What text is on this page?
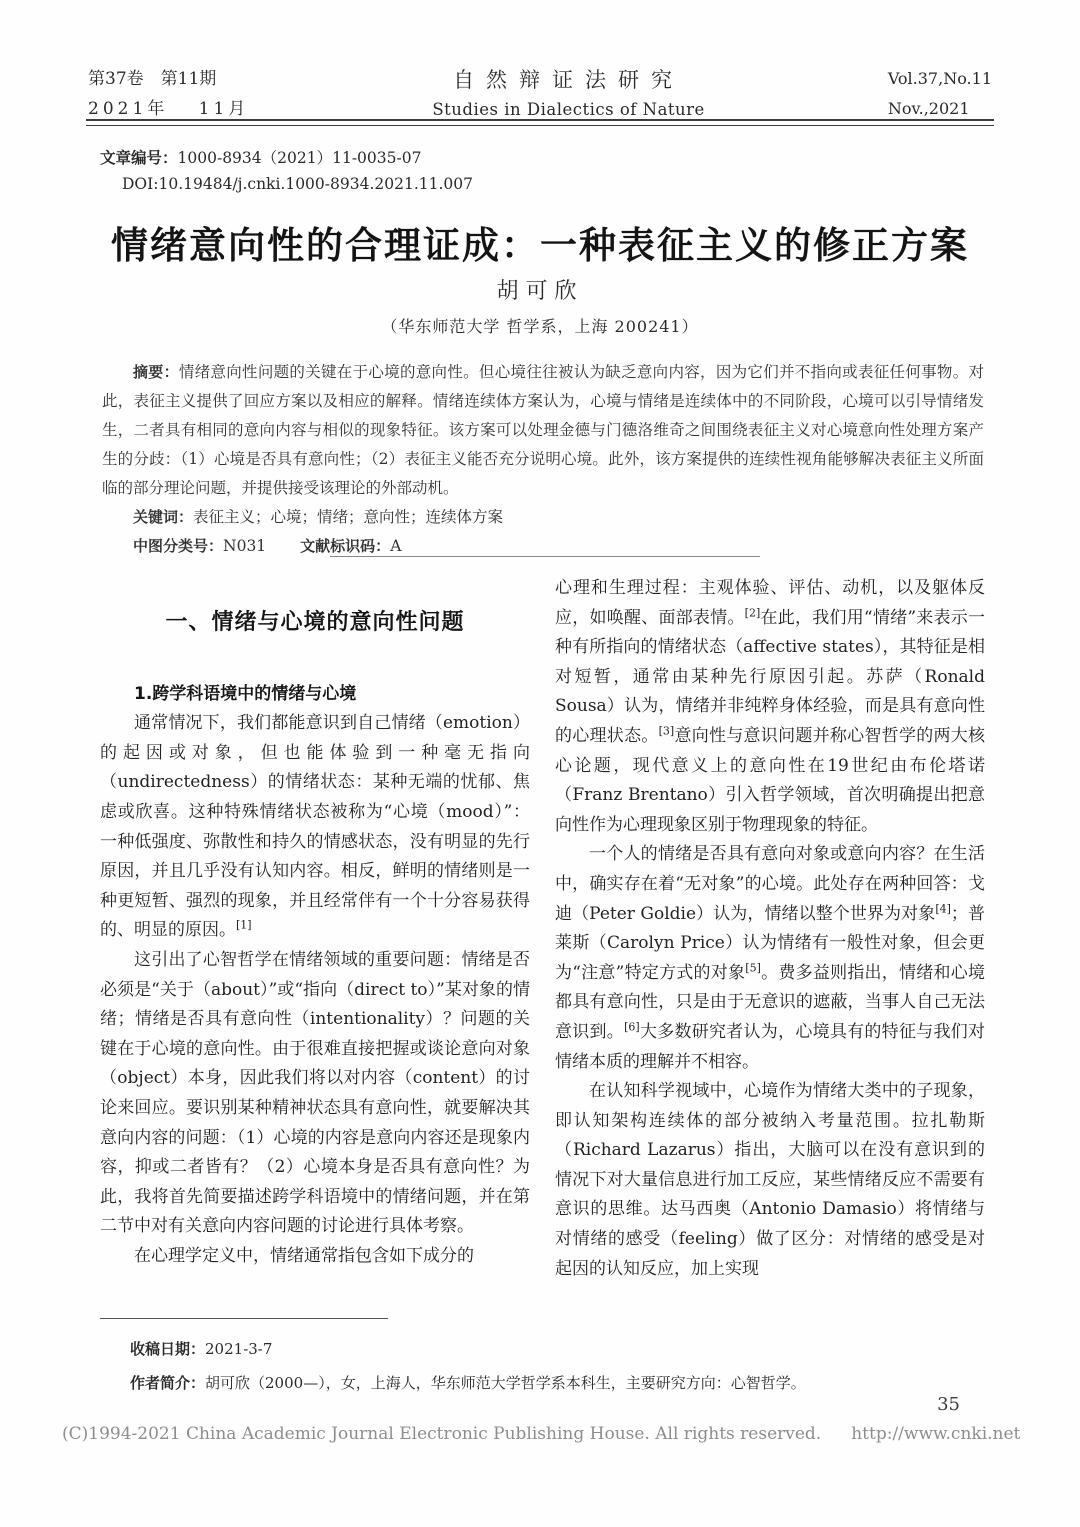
第37卷　第11期
2021年　 11月
自然辩证法研究
Studies in Dialectics of Nature
Vol.37,No.11
Nov.,2021
文章编号：1000-8934（2021）11-0035-07
DOI:10.19484/j.cnki.1000-8934.2021.11.007
情绪意向性的合理证成：一种表征主义的修正方案
胡可欣
（华东师范大学 哲学系，上海 200241）

摘要：情绪意向性问题的关键在于心境的意向性。但心境往往被认为缺乏意向内容，因为它们并不指向或表征任何事物。对此，表征主义提供了回应方案以及相应的解释。情绪连续体方案认为，心境与情绪是连续体中的不同阶段，心境可以引导情绪发生，二者具有相同的意向内容与相似的现象特征。该方案可以处理金德与门德洛维奇之间围绕表征主义对心境意向性处理方案产生的分歧：（1）心境是否具有意向性；（2）表征主义能否充分说明心境。此外，该方案提供的连续性视角能够解决表征主义所面临的部分理论问题，并提供接受该理论的外部动机。

关键词：表征主义；心境；情绪；意向性；连续体方案

中图分类号：N031 文献标识码：A

一、情绪与心境的意向性问题
1.跨学科语境中的情绪与心境

通常情况下，我们都能意识到自己情绪（emotion）的起因或对象，但也能体验到一种毫无指向（undirectedness）的情绪状态：某种无端的忧郁、焦虑或欣喜。这种特殊情绪状态被称为“心境（mood）”：一种低强度、弥散性和持久的情感状态，没有明显的先行原因，并且几乎没有认知内容。相反，鲜明的情绪则是一种更短暂、强烈的现象，并且经常伴有一个十分容易获得的、明显的原因。[1]

这引出了心智哲学在情绪领域的重要问题：情绪是否必须是“关于（about）”或“指向（direct to）”某对象的情绪；情绪是否具有意向性（intentionality）？问题的关键在于心境的意向性。由于很难直接把握或谈论意向对象（object）本身，因此我们将以对内容（content）的讨论来回应。要识别某种精神状态具有意向性，就要解决其意向内容的问题：（1）心境的内容是意向内容还是现象内容，抑或二者皆有？（2）心境本身是否具有意向性？为此，我将首先简要描述跨学科语境中的情绪问题，并在第二节中对有关意向内容问题的讨论进行具体考察。

在心理学定义中，情绪通常指包含如下成分的

心理和生理过程：主观体验、评估、动机，以及躯体反应，如唤醒、面部表情。[2]在此，我们用“情绪”来表示一种有所指向的情绪状态（affective states），其特征是相对短暂，通常由某种先行原因引起。苏萨（Ronald Sousa）认为，情绪并非纯粹身体经验，而是具有意向性的心理状态。[3]意向性与意识问题并称心智哲学的两大核心论题，现代意义上的意向性在19世纪由布伦塔诺（Franz Brentano）引入哲学领域，首次明确提出把意向性作为心理现象区别于物理现象的特征。

一个人的情绪是否具有意向对象或意向内容？在生活中，确实存在着“无对象”的心境。此处存在两种回答：戈迪（Peter Goldie）认为，情绪以整个世界为对象[4]；普莱斯（Carolyn Price）认为情绪有一般性对象，但会更为“注意”特定方式的对象[5]。费多益则指出，情绪和心境都具有意向性，只是由于无意识的遮蔽，当事人自己无法意识到。[6]大多数研究者认为，心境具有的特征与我们对情绪本质的理解并不相容。

在认知科学视域中，心境作为情绪大类中的子现象，即认知架构连续体的部分被纳入考量范围。拉扎勒斯（Richard Lazarus）指出，大脑可以在没有意识到的情况下对大量信息进行加工反应，某些情绪反应不需要有意识的思维。达马西奥（Antonio Damasio）将情绪与对情绪的感受（feeling）做了区分：对情绪的感受是对起因的认知反应，加上实现

收稿日期：2021-3-7
作者简介：胡可欣（2000—），女，上海人，华东师范大学哲学系本科生，主要研究方向：心智哲学。
35
(C)1994-2021 China Academic Journal Electronic Publishing House. All rights reserved. http://www.cnki.net
